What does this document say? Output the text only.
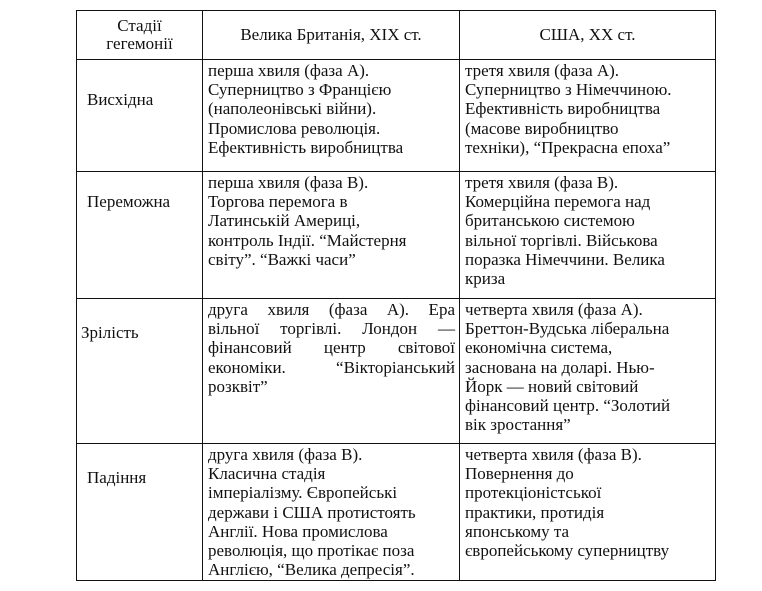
Стадії
гегемонії	Велика Британія, XIX ст.	США, XX ст.
Висхідна
перша хвиля (фаза А).
Суперництво з Францією
(наполеонівські війни).
Промислова революція.
Ефективність виробництва
третя хвиля (фаза А).
Суперництво з Німеччиною.
Ефективність виробництва
(масове виробництво
техніки), “Прекрасна епоха”
Переможна
перша хвиля (фаза В).
Торгова перемога в
Латинській Америці,
контроль Індії. “Майстерня
світу”. “Важкі часи”
третя хвиля (фаза В).
Комерційна перемога над
британською системою
вільної торгівлі. Військова
поразка Німеччини. Велика
криза
Зрілість
друга хвиля (фаза А). Ера
вільної торгівлі. Лондон —
фінансовий центр світової
економіки. “Вікторіанський
розквіт”
четверта хвиля (фаза А).
Бреттон-Вудська ліберальна
економічна система,
заснована на доларі. Нью-
Йорк — новий світовий
фінансовий центр. “Золотий
вік зростання”
Падіння
друга хвиля (фаза В).
Класична стадія
імперіалізму. Європейські
держави і США протистоять
Англії. Нова промислова
революція, що протікає поза
Англією, “Велика депресія”.
четверта хвиля (фаза В).
Повернення до
протекціоністської
практики, протидія
японському та
європейському суперництву
